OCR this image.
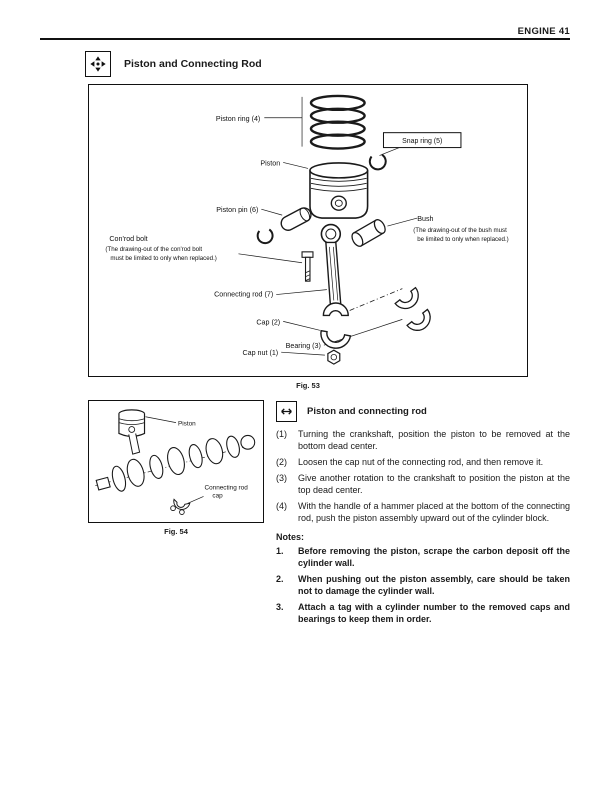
ENGINE 41
Piston and Connecting Rod
Piston ring (4)
Snap ring (5)
Piston
Piston pin (6)
Bush
(The drawing-out of the bush must
be limited to only when replaced.)
Con'rod bolt
(The drawing-out of the con'rod bolt
must be limited to only when replaced.)
Connecting rod (7)
Cap (2)
Bearing (3)
Cap nut (1)
Fig. 53
Piston
Connecting rod
cap
Fig. 54
Piston and connecting rod
(1)	Turning the crankshaft, position the piston to be removed at the bottom dead center.
(2)	Loosen the cap nut of the connecting rod, and then remove it.
(3)	Give another rotation to the crankshaft to position the piston at the top dead center.
(4)	With the handle of a hammer placed at the bottom of the connecting rod, push the piston assembly upward out of the cylinder block.
Notes:
1.	Before removing the piston, scrape the carbon deposit off the cylinder wall.
2.	When pushing out the piston assembly, care should be taken not to damage the cylinder wall.
3.	Attach a tag with a cylinder number to the removed caps and bearings to keep them in order.
